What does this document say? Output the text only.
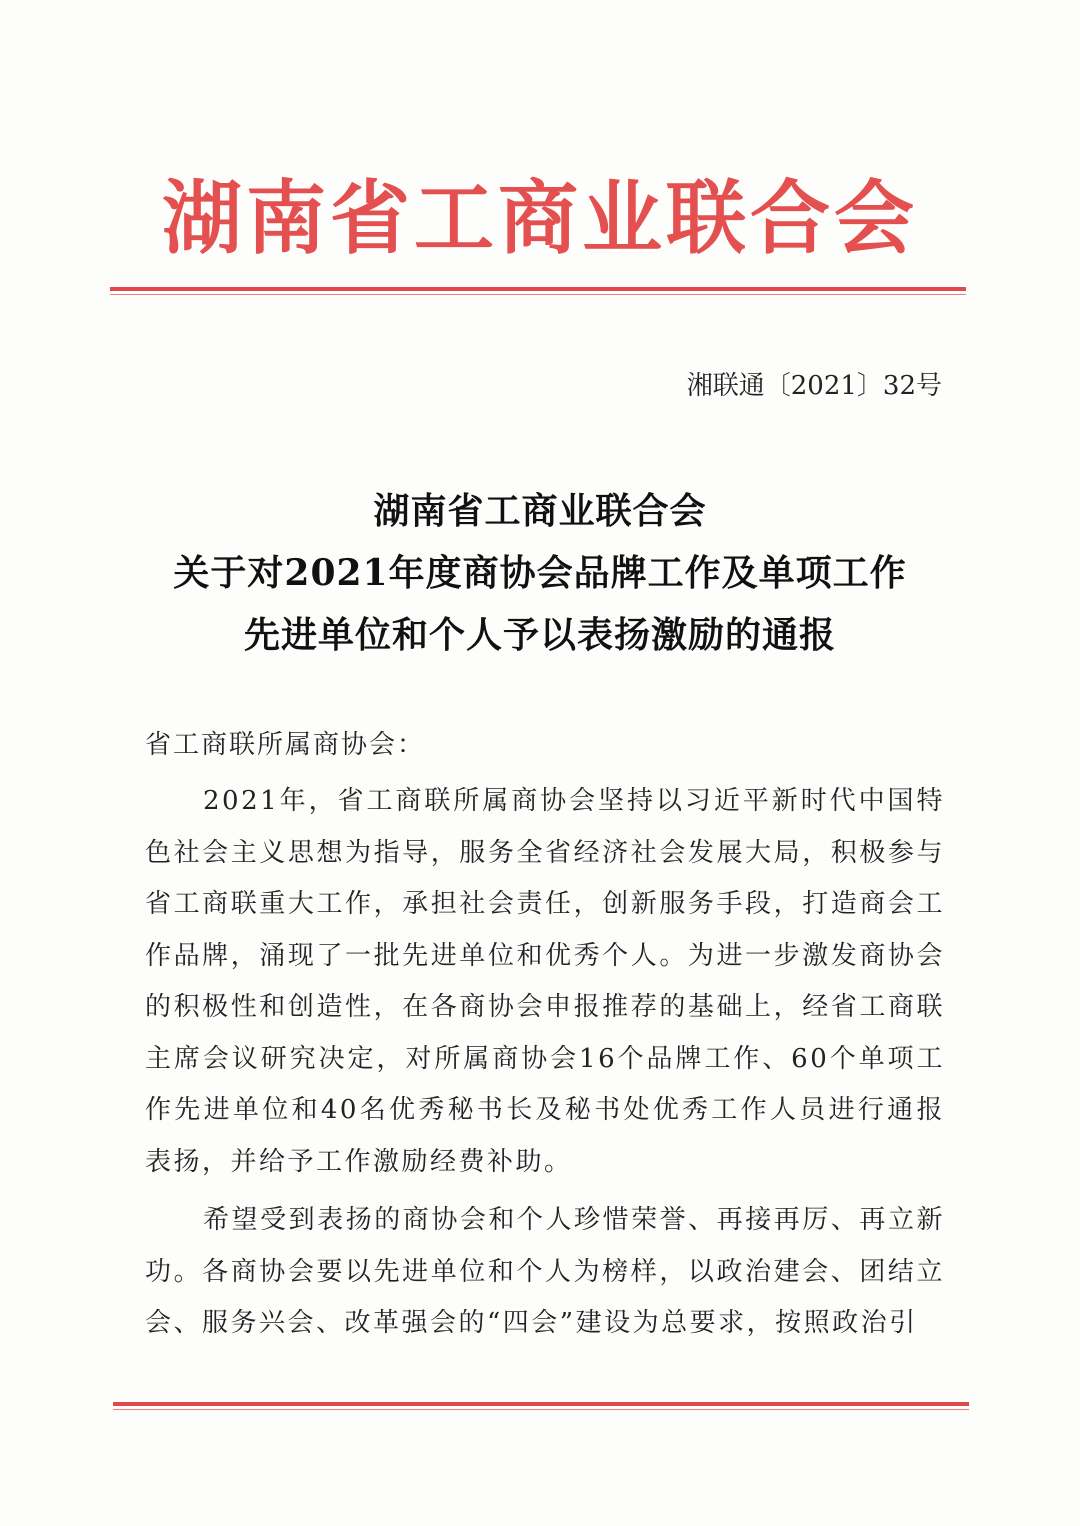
湖南省工商业联合会
湘联通〔2021〕32号
湖南省工商业联合会
关于对2021年度商协会品牌工作及单项工作
先进单位和个人予以表扬激励的通报
省工商联所属商协会：
2021年，省工商联所属商协会坚持以习近平新时代中国特色社会主义思想为指导，服务全省经济社会发展大局，积极参与省工商联重大工作，承担社会责任，创新服务手段，打造商会工作品牌，涌现了一批先进单位和优秀个人。为进一步激发商协会的积极性和创造性，在各商协会申报推荐的基础上，经省工商联主席会议研究决定，对所属商协会16个品牌工作、60个单项工作先进单位和40名优秀秘书长及秘书处优秀工作人员进行通报表扬，并给予工作激励经费补助。
希望受到表扬的商协会和个人珍惜荣誉、再接再厉、再立新功。各商协会要以先进单位和个人为榜样，以政治建会、团结立会、服务兴会、改革强会的“四会”建设为总要求，按照政治引
